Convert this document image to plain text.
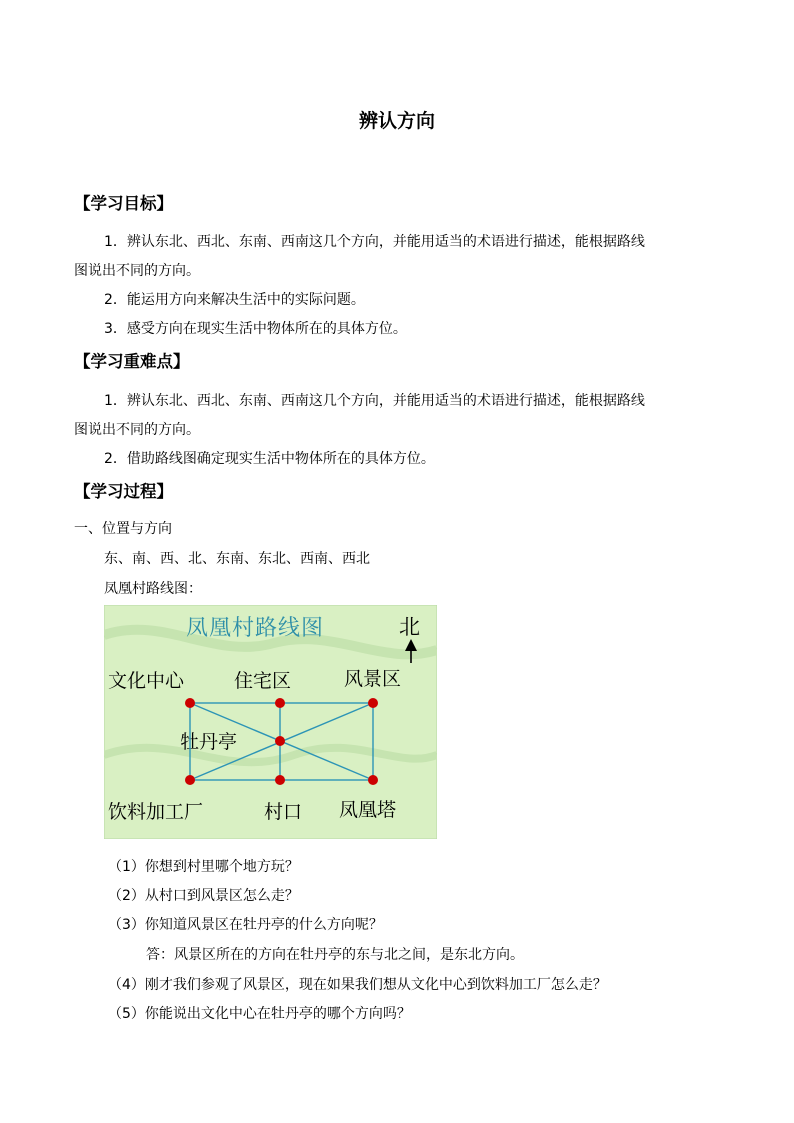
辨认方向
【学习目标】
1．辨认东北、西北、东南、西南这几个方向，并能用适当的术语进行描述，能根据路线
图说出不同的方向。
2．能运用方向来解决生活中的实际问题。
3．感受方向在现实生活中物体所在的具体方位。
【学习重难点】
1．辨认东北、西北、东南、西南这几个方向，并能用适当的术语进行描述，能根据路线
图说出不同的方向。
2．借助路线图确定现实生活中物体所在的具体方位。
【学习过程】
一、位置与方向
东、南、西、北、东南、东北、西南、西北
凤凰村路线图：
凤凰村路线图	北
文化中心	住宅区	风景区
牡丹亭
饮料加工厂	村口 凤凰塔
（1）你想到村里哪个地方玩？
（2）从村口到风景区怎么走？
（3）你知道风景区在牡丹亭的什么方向呢？
答：风景区所在的方向在牡丹亭的东与北之间，是东北方向。
（4）刚才我们参观了风景区，现在如果我们想从文化中心到饮料加工厂怎么走？
（5）你能说出文化中心在牡丹亭的哪个方向吗？
